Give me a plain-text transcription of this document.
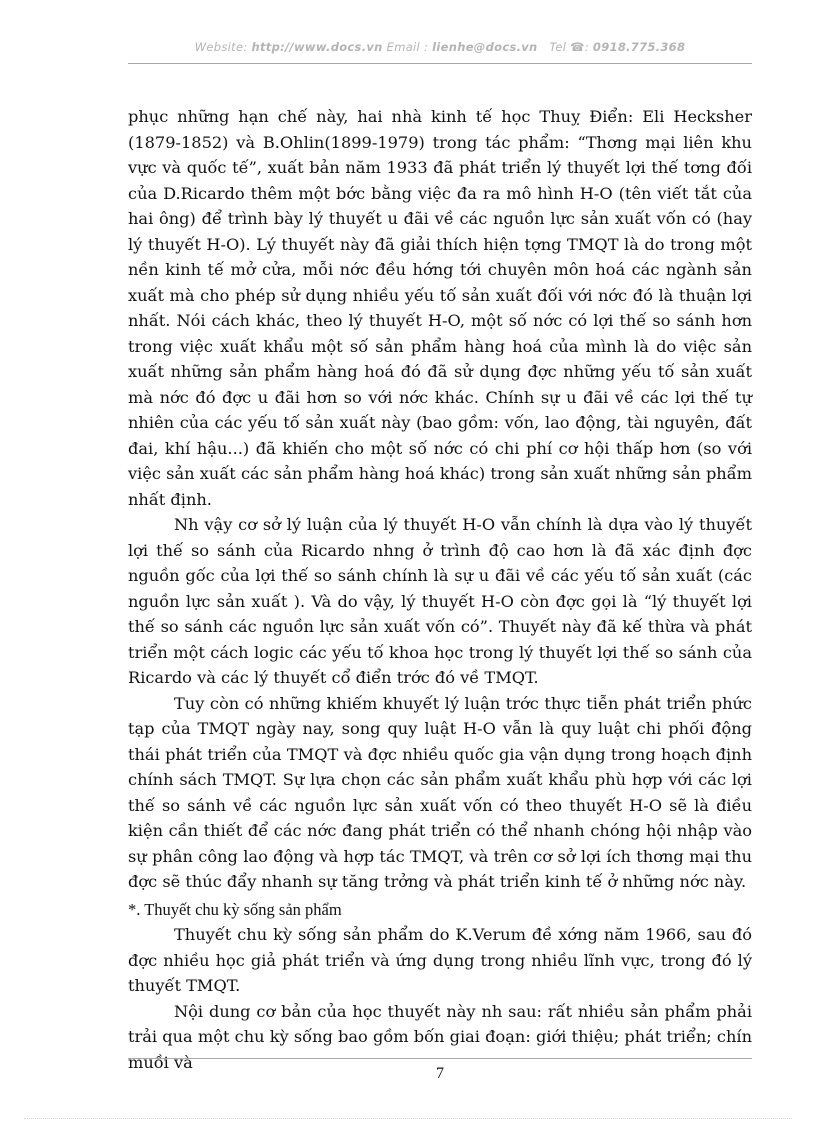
Website: http://www.docs.vn Email : lienhe@docs.vn Tel ☎: 0918.775.368

phục những hạn chế này, hai nhà kinh tế học Thuỵ Điển: Eli Hecksher (1879-1852) và B.Ohlin(1899-1979) trong tác phẩm: “Thơng mại liên khu vực và quốc tế”, xuất bản năm 1933 đã phát triển lý thuyết lợi thế tơng đối của D.Ricardo thêm một bớc bằng việc đa ra mô hình H-O (tên viết tắt của hai ông) để trình bày lý thuyết u đãi về các nguồn lực sản xuất vốn có (hay lý thuyết H-O). Lý thuyết này đã giải thích hiện tợng TMQT là do trong một nền kinh tế mở cửa, mỗi nớc đều hớng tới chuyên môn hoá các ngành sản xuất mà cho phép sử dụng nhiều yếu tố sản xuất đối với nớc đó là thuận lợi nhất. Nói cách khác, theo lý thuyết H-O, một số nớc có lợi thế so sánh hơn trong việc xuất khẩu một số sản phẩm hàng hoá của mình là do việc sản xuất những sản phẩm hàng hoá đó đã sử dụng đợc những yếu tố sản xuất mà nớc đó đợc u đãi hơn so với nớc khác. Chính sự u đãi về các lợi thế tự nhiên của các yếu tố sản xuất này (bao gồm: vốn, lao động, tài nguyên, đất đai, khí hậu...) đã khiến cho một số nớc có chi phí cơ hội thấp hơn (so với việc sản xuất các sản phẩm hàng hoá khác) trong sản xuất những sản phẩm nhất định.

Nh vậy cơ sở lý luận của lý thuyết H-O vẫn chính là dựa vào lý thuyết lợi thế so sánh của Ricardo nhng ở trình độ cao hơn là đã xác định đợc nguồn gốc của lợi thế so sánh chính là sự u đãi về các yếu tố sản xuất (các nguồn lực sản xuất ). Và do vậy, lý thuyết H-O còn đợc gọi là “lý thuyết lợi thế so sánh các nguồn lực sản xuất vốn có”. Thuyết này đã kế thừa và phát triển một cách logic các yếu tố khoa học trong lý thuyết lợi thế so sánh của Ricardo và các lý thuyết cổ điển trớc đó về TMQT.

Tuy còn có những khiếm khuyết lý luận trớc thực tiễn phát triển phức tạp của TMQT ngày nay, song quy luật H-O vẫn là quy luật chi phối động thái phát triển của TMQT và đợc nhiều quốc gia vận dụng trong hoạch định chính sách TMQT. Sự lựa chọn các sản phẩm xuất khẩu phù hợp với các lợi thế so sánh về các nguồn lực sản xuất vốn có theo thuyết H-O sẽ là điều kiện cần thiết để các nớc đang phát triển có thể nhanh chóng hội nhập vào sự phân công lao động và hợp tác TMQT, và trên cơ sở lợi ích thơng mại thu đợc sẽ thúc đẩy nhanh sự tăng trởng và phát triển kinh tế ở những nớc này.

*. Thuyết chu kỳ sống sản phẩm

Thuyết chu kỳ sống sản phẩm do K.Verum đề xớng năm 1966, sau đó đợc nhiều học giả phát triển và ứng dụng trong nhiều lĩnh vực, trong đó lý thuyết TMQT.

Nội dung cơ bản của học thuyết này nh sau: rất nhiều sản phẩm phải trải qua một chu kỳ sống bao gồm bốn giai đoạn: giới thiệu; phát triển; chín muồi và

7
